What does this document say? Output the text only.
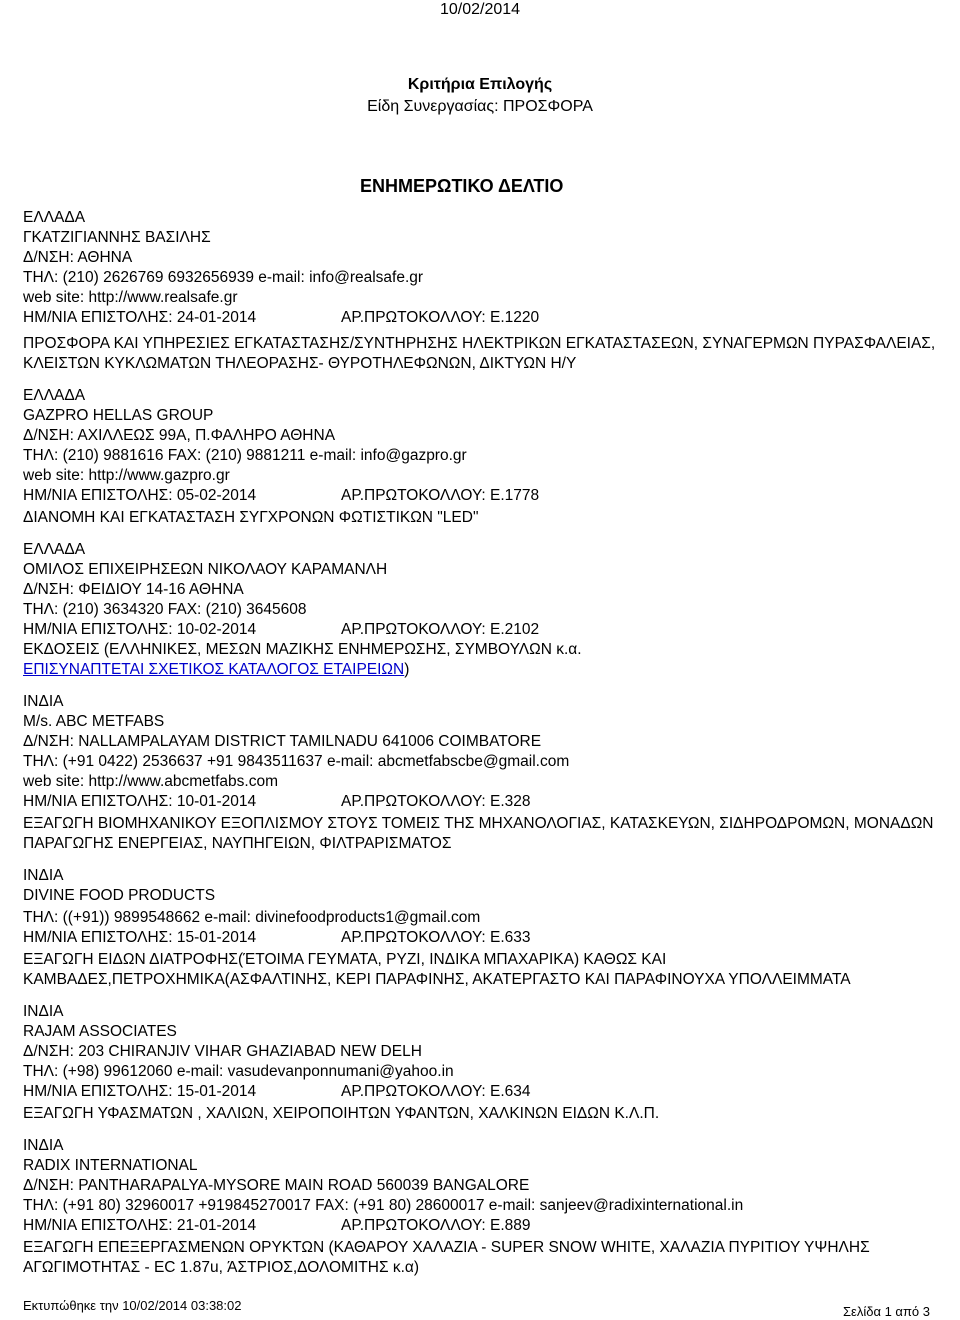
10/02/2014
Κριτήρια Επιλογής
Είδη Συνεργασίας: ΠΡΟΣΦΟΡΑ
ΕΝΗΜΕΡΩΤΙΚΟ ΔΕΛΤΙΟ
ΕΛΛΑΔΑ
ΓΚΑΤΖΙΓΙΑΝΝΗΣ ΒΑΣΙΛΗΣ
Δ/ΝΣΗ: ΑΘΗΝΑ
ΤΗΛ: (210) 2626769 6932656939 e-mail: info@realsafe.gr
web site: http://www.realsafe.gr
ΗΜ/ΝΙΑ ΕΠΙΣΤΟΛΗΣ: 24-01-2014	ΑΡ.ΠΡΩΤΟΚΟΛΛΟΥ: Ε.1220
ΠΡΟΣΦΟΡΑ ΚΑΙ ΥΠΗΡΕΣΙΕΣ ΕΓΚΑΤΑΣΤΑΣΗΣ/ΣΥΝΤΗΡΗΣΗΣ ΗΛΕΚΤΡΙΚΩΝ ΕΓΚΑΤΑΣΤΑΣΕΩΝ, ΣΥΝΑΓΕΡΜΩΝ ΠΥΡΑΣΦΑΛΕΙΑΣ, ΚΛΕΙΣΤΩΝ ΚΥΚΛΩΜΑΤΩΝ ΤΗΛΕΟΡΑΣΗΣ- ΘΥΡΟΤΗΛΕΦΩΝΩΝ, ΔΙΚΤΥΩΝ Η/Υ
ΕΛΛΑΔΑ
GAZPRO HELLAS GROUP
Δ/ΝΣΗ: ΑΧΙΛΛΕΩΣ 99Α, Π.ΦΑΛΗΡΟ ΑΘΗΝΑ
ΤΗΛ: (210) 9881616 FAX: (210) 9881211 e-mail: info@gazpro.gr
web site: http://www.gazpro.gr
ΗΜ/ΝΙΑ ΕΠΙΣΤΟΛΗΣ: 05-02-2014	ΑΡ.ΠΡΩΤΟΚΟΛΛΟΥ: Ε.1778
ΔΙΑΝΟΜΗ ΚΑΙ ΕΓΚΑΤΑΣΤΑΣΗ ΣΥΓΧΡΟΝΩΝ ΦΩΤΙΣΤΙΚΩΝ "LED"
ΕΛΛΑΔΑ
ΟΜΙΛΟΣ ΕΠΙΧΕΙΡΗΣΕΩΝ ΝΙΚΟΛΑΟΥ ΚΑΡΑΜΑΝΛΗ
Δ/ΝΣΗ: ΦΕΙΔΙΟΥ 14-16 ΑΘΗΝΑ
ΤΗΛ: (210) 3634320 FAX: (210) 3645608
ΗΜ/ΝΙΑ ΕΠΙΣΤΟΛΗΣ: 10-02-2014	ΑΡ.ΠΡΩΤΟΚΟΛΛΟΥ: Ε.2102
ΕΚΔΟΣΕΙΣ (ΕΛΛΗΝΙΚΕΣ, ΜΕΣΩΝ ΜΑΖΙΚΗΣ ΕΝΗΜΕΡΩΣΗΣ, ΣΥΜΒΟΥΛΩΝ κ.α.
ΕΠΙΣΥΝΑΠΤΕΤΑΙ ΣΧΕΤΙΚΟΣ ΚΑΤΑΛΟΓΟΣ ΕΤΑΙΡΕΙΩΝ)
ΙΝΔΙΑ
M/s. ABC METFABS
Δ/ΝΣΗ: NALLAMPALAYAM DISTRICT TAMILNADU 641006 COIMBATORE
ΤΗΛ: (+91 0422) 2536637 +91 9843511637 e-mail: abcmetfabscbe@gmail.com
web site: http://www.abcmetfabs.com
ΗΜ/ΝΙΑ ΕΠΙΣΤΟΛΗΣ: 10-01-2014	ΑΡ.ΠΡΩΤΟΚΟΛΛΟΥ: Ε.328
ΕΞΑΓΩΓΗ ΒΙΟΜΗΧΑΝΙΚΟΥ ΕΞΟΠΛΙΣΜΟΥ ΣΤΟΥΣ ΤΟΜΕΙΣ ΤΗΣ ΜΗΧΑΝΟΛΟΓΙΑΣ, ΚΑΤΑΣΚΕΥΩΝ, ΣΙΔΗΡΟΔΡΟΜΩΝ, ΜΟΝΑΔΩΝ ΠΑΡΑΓΩΓΗΣ ΕΝΕΡΓΕΙΑΣ, ΝΑΥΠΗΓΕΙΩΝ, ΦΙΛΤΡΑΡΙΣΜΑΤΟΣ
ΙΝΔΙΑ
DIVINE FOOD PRODUCTS
ΤΗΛ: ((+91)) 9899548662 e-mail: divinefoodproducts1@gmail.com
ΗΜ/ΝΙΑ ΕΠΙΣΤΟΛΗΣ: 15-01-2014	ΑΡ.ΠΡΩΤΟΚΟΛΛΟΥ: Ε.633
ΕΞΑΓΩΓΗ ΕΙΔΩΝ ΔΙΑΤΡΟΦΗΣ(ΈΤΟΙΜΑ ΓΕΥΜΑΤΑ, ΡΥΖΙ, ΙΝΔΙΚΑ ΜΠΑΧΑΡΙΚΑ) ΚΑΘΩΣ ΚΑΙ ΚΑΜΒΑΔΕΣ,ΠΕΤΡΟΧΗΜΙΚΑ(ΑΣΦΑΛΤΙΝΗΣ, ΚΕΡΙ ΠΑΡΑΦΙΝΗΣ, ΑΚΑΤΕΡΓΑΣΤΟ ΚΑΙ ΠΑΡΑΦΙΝΟΥΧΑ ΥΠΟΛΛΕΙΜΜΑΤΑ
ΙΝΔΙΑ
RAJAM ASSOCIATES
Δ/ΝΣΗ: 203 CHIRANJIV VIHAR GHAZIABAD NEW DELH
ΤΗΛ: (+98) 99612060 e-mail: vasudevanponnumani@yahoo.in
ΗΜ/ΝΙΑ ΕΠΙΣΤΟΛΗΣ: 15-01-2014	ΑΡ.ΠΡΩΤΟΚΟΛΛΟΥ: Ε.634
ΕΞΑΓΩΓΗ ΥΦΑΣΜΑΤΩΝ , ΧΑΛΙΩΝ, ΧΕΙΡΟΠΟΙΗΤΩΝ ΥΦΑΝΤΩΝ, ΧΑΛΚΙΝΩΝ ΕΙΔΩΝ Κ.Λ.Π.
ΙΝΔΙΑ
RADIX INTERNATIONAL
Δ/ΝΣΗ: PANTHARAPALYA-MYSORE MAIN ROAD 560039 BANGALORE
ΤΗΛ: (+91 80) 32960017 +919845270017 FAX: (+91 80) 28600017 e-mail: sanjeev@radixinternational.in
ΗΜ/ΝΙΑ ΕΠΙΣΤΟΛΗΣ: 21-01-2014	ΑΡ.ΠΡΩΤΟΚΟΛΛΟΥ: Ε.889
ΕΞΑΓΩΓΗ ΕΠΕΞΕΡΓΑΣΜΕΝΩΝ ΟΡΥΚΤΩΝ (ΚΑΘΑΡΟΥ ΧΑΛΑΖΙΑ - SUPER SNOW WHITE, ΧΑΛΑΖΙΑ ΠΥΡΙΤΙΟΥ ΥΨΗΛΗΣ ΑΓΩΓΙΜΟΤΗΤΑΣ - EC 1.87u, ΆΣΤΡΙΟΣ,ΔΟΛΟΜΙΤΗΣ κ.α)
Εκτυπώθηκε την 10/02/2014 03:38:02	Σελίδα 1 από 3
